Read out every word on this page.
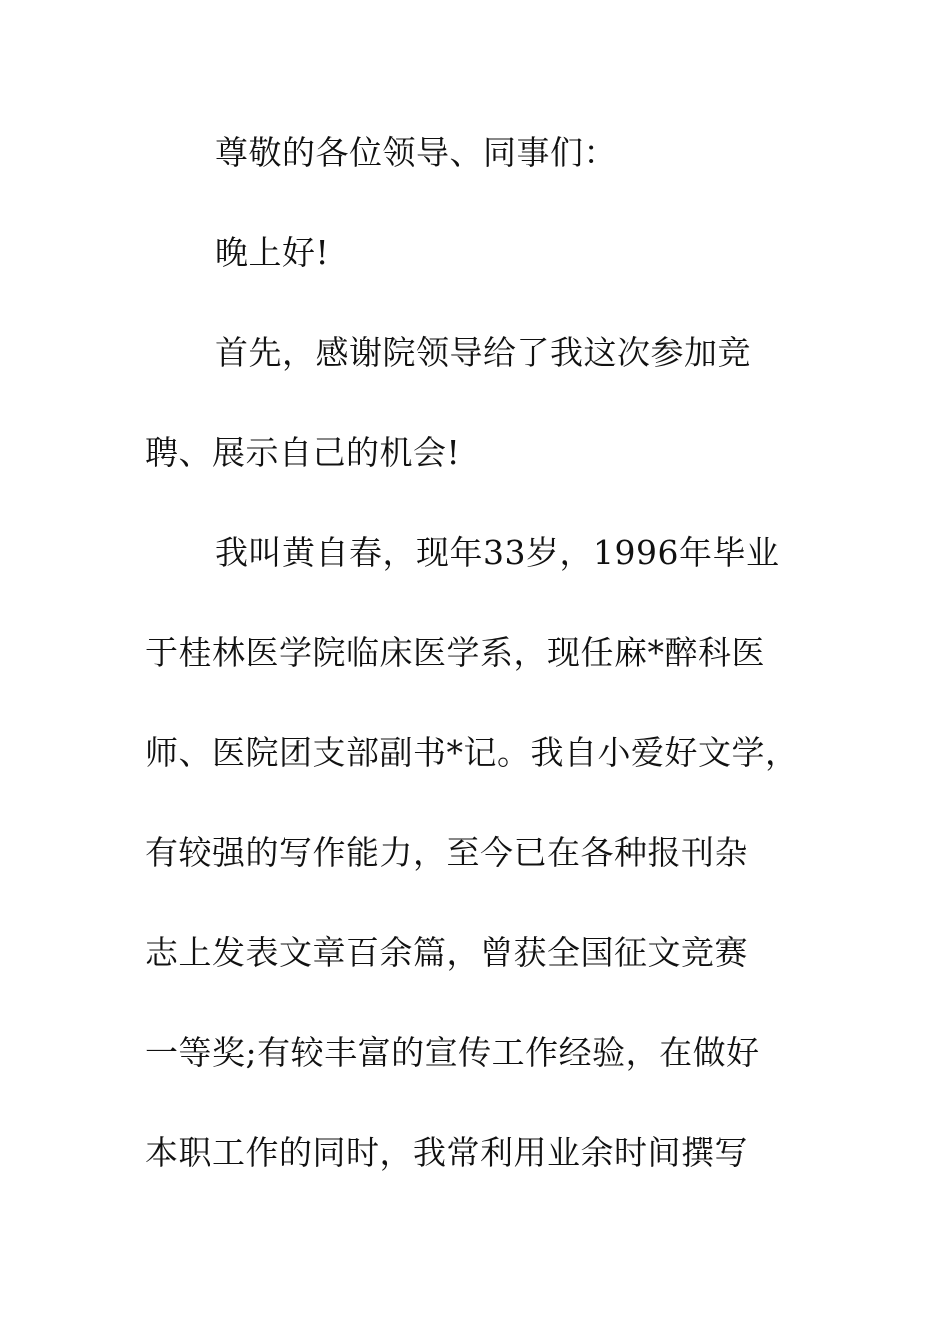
尊敬的各位领导、同事们：

晚上好!

首先，感谢院领导给了我这次参加竞

聘、展示自己的机会!

我叫黄自春，现年33岁，1996年毕业

于桂林医学院临床医学系，现任麻*醉科医

师、医院团支部副书*记。我自小爱好文学，

有较强的写作能力，至今已在各种报刊杂

志上发表文章百余篇，曾获全国征文竞赛

一等奖;有较丰富的宣传工作经验，在做好

本职工作的同时，我常利用业余时间撰写
